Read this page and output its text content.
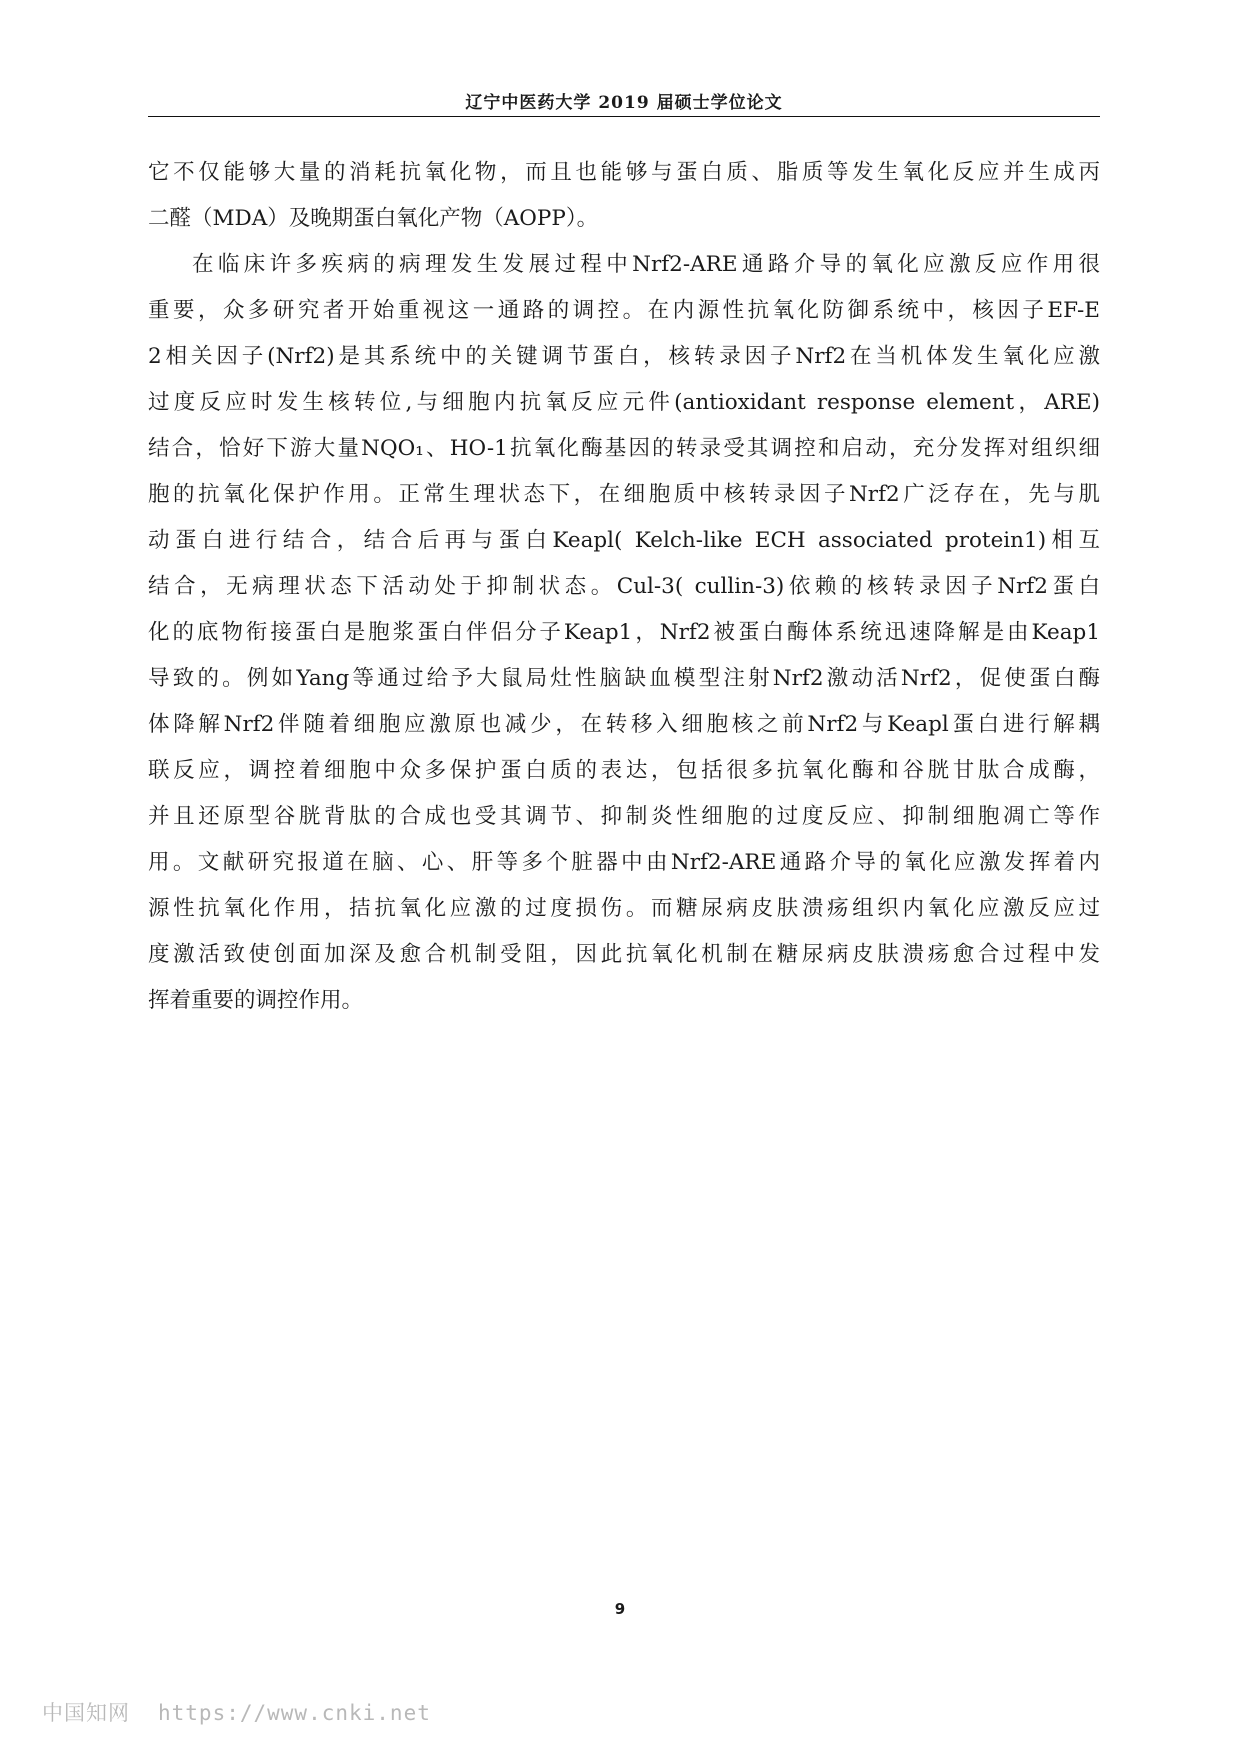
辽宁中医药大学 2019 届硕士学位论文
它不仅能够大量的消耗抗氧化物，而且也能够与蛋白质、脂质等发生氧化反应并生成丙
二醛（MDA）及晚期蛋白氧化产物（AOPP）。
在临床许多疾病的病理发生发展过程中Nrf2-ARE通路介导的氧化应激反应作用很
重要，众多研究者开始重视这一通路的调控。在内源性抗氧化防御系统中，核因子EF-E
2相关因子(Nrf2)是其系统中的关键调节蛋白，核转录因子Nrf2在当机体发生氧化应激
过度反应时发生核转位,与细胞内抗氧反应元件(antioxidant response element，ARE)
结合，恰好下游大量NQO₁、HO-1抗氧化酶基因的转录受其调控和启动，充分发挥对组织细
胞的抗氧化保护作用。正常生理状态下，在细胞质中核转录因子Nrf2广泛存在，先与肌
动蛋白进行结合，结合后再与蛋白Keapl( Kelch-like ECH associated protein1)相互
结合，无病理状态下活动处于抑制状态。Cul-3( cullin-3)依赖的核转录因子Nrf2蛋白
化的底物衔接蛋白是胞浆蛋白伴侣分子Keap1，Nrf2被蛋白酶体系统迅速降解是由Keap1
导致的。例如Yang等通过给予大鼠局灶性脑缺血模型注射Nrf2激动活Nrf2，促使蛋白酶
体降解Nrf2伴随着细胞应激原也减少，在转移入细胞核之前Nrf2与Keapl蛋白进行解耦
联反应，调控着细胞中众多保护蛋白质的表达，包括很多抗氧化酶和谷胱甘肽合成酶，
并且还原型谷胱背肽的合成也受其调节、抑制炎性细胞的过度反应、抑制细胞凋亡等作
用。文献研究报道在脑、心、肝等多个脏器中由Nrf2-ARE通路介导的氧化应激发挥着内
源性抗氧化作用，拮抗氧化应激的过度损伤。而糖尿病皮肤溃疡组织内氧化应激反应过
度激活致使创面加深及愈合机制受阻，因此抗氧化机制在糖尿病皮肤溃疡愈合过程中发
挥着重要的调控作用。
9
中国知网 https://www.cnki.net
